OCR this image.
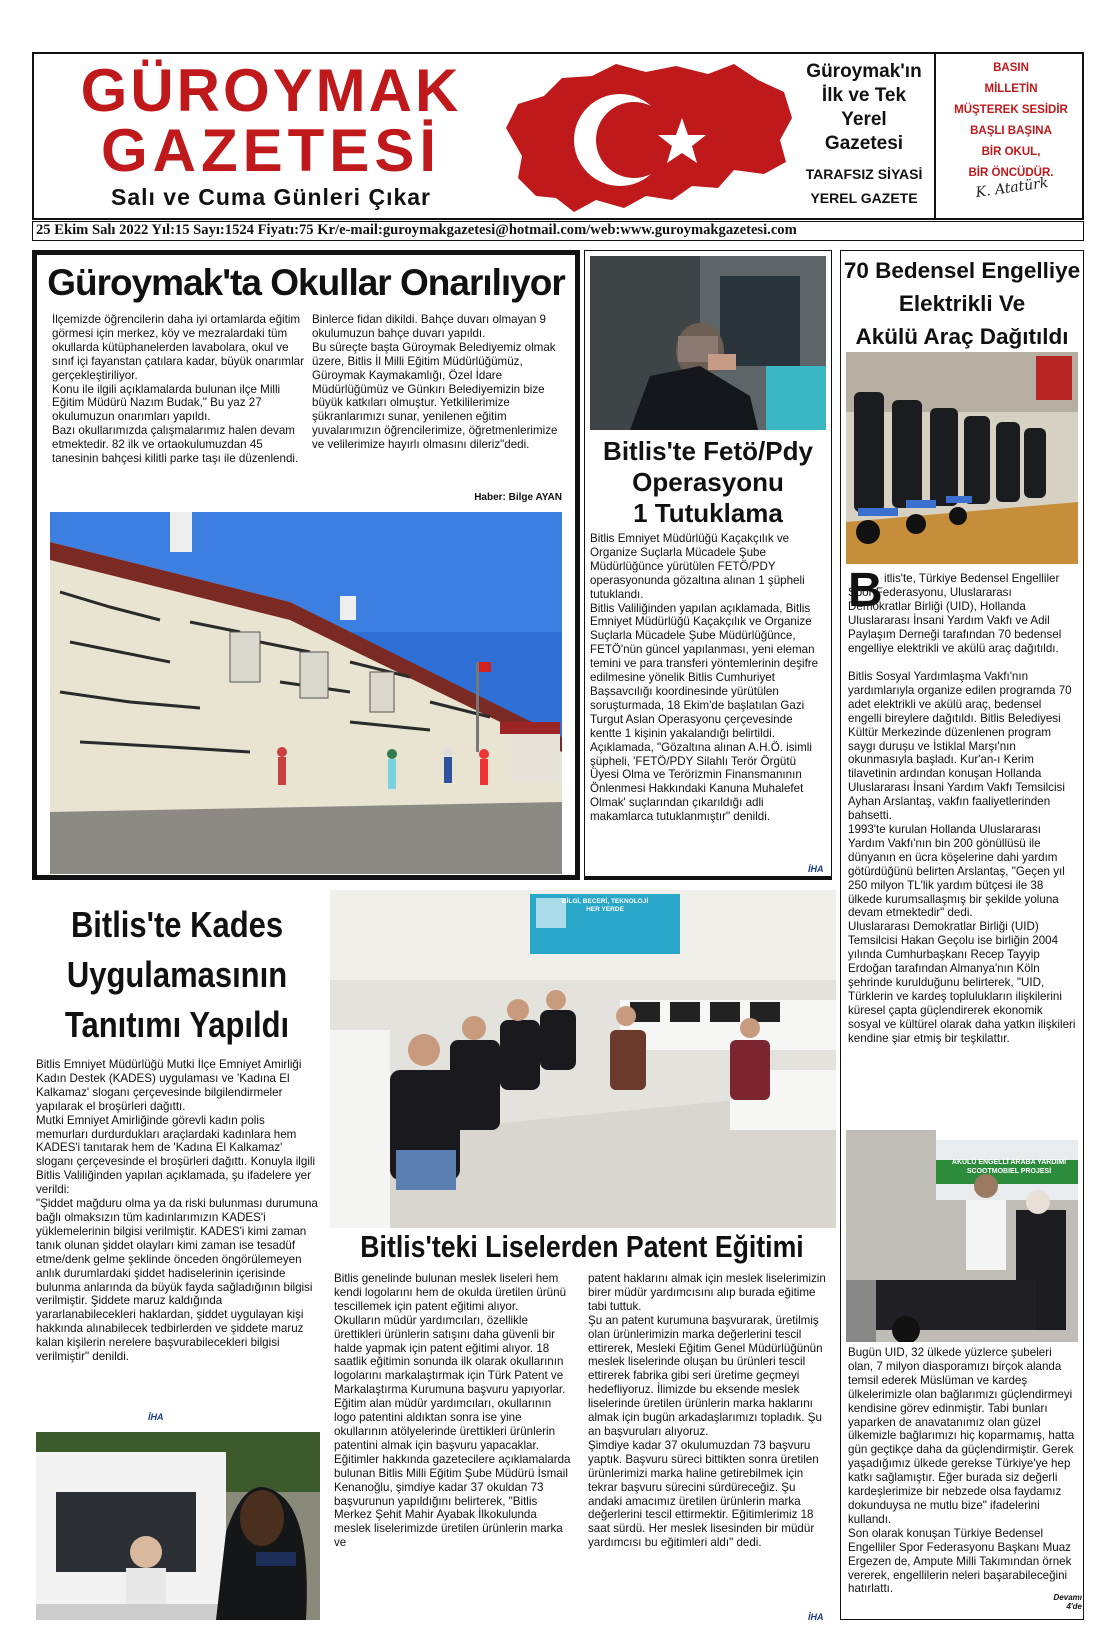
GÜROYMAK
GAZETESİ
Salı ve Cuma Günleri Çıkar
Güroymak'ın
İlk ve Tek
Yerel
Gazetesi
TARAFSIZ SİYASİ
YEREL GAZETE
BASIN
MİLLETİN
MÜŞTEREK SESİDİR
BAŞLI BAŞINA
BİR OKUL,
BİR ÖNCÜDÜR.
K. Atatürk
25 Ekim Salı 2022 Yıl:15 Sayı:1524 Fiyatı:75 Kr/e-mail:guroymakgazetesi@hotmail.com/web:www.guroymakgazetesi.com
Güroymak'ta Okullar Onarılıyor
İlçemizde öğrencilerin daha iyi ortamlarda eğitim görmesi için merkez, köy ve mezralardaki tüm okullarda kütüphanelerden lavabolara, okul ve sınıf içi fayanstan çatılara kadar, büyük onarımlar gerçekleştiriliyor.
Konu ile ilgili açıklamalarda bulunan ilçe Milli Eğitim Müdürü Nazım Budak," Bu yaz 27 okulumuzun onarımları yapıldı.
Bazı okullarımızda çalışmalarımız halen devam etmektedir. 82 ilk ve ortaokulumuzdan 45 tanesinin bahçesi kilitli parke taşı ile düzenlendi.
Binlerce fidan dikildi. Bahçe duvarı olmayan 9 okulumuzun bahçe duvarı yapıldı.
Bu süreçte başta Güroymak Belediyemiz olmak üzere, Bitlis İl Milli Eğitim Müdürlüğümüz, Güroymak Kaymakamlığı, Özel İdare Müdürlüğümüz ve Günkırı Belediyemizin bize büyük katkıları olmuştur. Yetkililerimize şükranlarımızı sunar, yenilenen eğitim yuvalarımızın öğrencilerimize, öğretmenlerimize ve velilerimize hayırlı olmasını dileriz"dedi.
Haber: Bilge AYAN
Bitlis'te Fetö/Pdy
Operasyonu
1 Tutuklama
Bitlis Emniyet Müdürlüğü Kaçakçılık ve Organize Suçlarla Mücadele Şube Müdürlüğünce yürütülen FETÖ/PDY operasyonunda gözaltına alınan 1 şüpheli tutuklandı.
Bitlis Valiliğinden yapılan açıklamada, Bitlis Emniyet Müdürlüğü Kaçakçılık ve Organize Suçlarla Mücadele Şube Müdürlüğünce, FETÖ'nün güncel yapılanması, yeni eleman temini ve para transferi yöntemlerinin deşifre edilmesine yönelik Bitlis Cumhuriyet Başsavcılığı koordinesinde yürütülen soruşturmada, 18 Ekim'de başlatılan Gazi Turgut Aslan Operasyonu çerçevesinde kentte 1 kişinin yakalandığı belirtildi. Açıklamada, "Gözaltına alınan A.H.Ö. isimli şüpheli, 'FETÖ/PDY Silahlı Terör Örgütü Üyesi Olma ve Terörizmin Finansmanının Önlenmesi Hakkındaki Kanuna Muhalefet Olmak' suçlarından çıkarıldığı adli makamlarca tutuklanmıştır" denildi.
İHA
70 Bedensel Engelliye
Elektrikli Ve
Akülü Araç Dağıtıldı
B itlis'te, Türkiye Bedensel Engelliler Spor Federasyonu, Uluslararası Demokratlar Birliği (UID), Hollanda Uluslararası İnsani Yardım Vakfı ve Adil Paylaşım Derneği tarafından 70 bedensel engelliye elektrikli ve akülü araç dağıtıldı.
Bitlis Sosyal Yardımlaşma Vakfı'nın yardımlarıyla organize edilen programda 70 adet elektrikli ve akülü araç, bedensel engelli bireylere dağıtıldı. Bitlis Belediyesi Kültür Merkezinde düzenlenen program saygı duruşu ve İstiklal Marşı'nın okunmasıyla başladı. Kur'an-ı Kerim tilavetinin ardından konuşan Hollanda Uluslararası İnsani Yardım Vakfı Temsilcisi Ayhan Arslantaş, vakfın faaliyetlerinden bahsetti.
1993'te kurulan Hollanda Uluslararası Yardım Vakfı'nın bin 200 gönüllüsü ile dünyanın en ücra köşelerine dahi yardım götürdüğünü belirten Arslantaş, "Geçen yıl 250 milyon TL'lik yardım bütçesi ile 38 ülkede kurumsallaşmış bir şekilde yoluna devam etmektedir" dedi.
Uluslararası Demokratlar Birliği (UID) Temsilcisi Hakan Geçolu ise birliğin 2004 yılında Cumhurbaşkanı Recep Tayyip Erdoğan tarafından Almanya'nın Köln şehrinde kurulduğunu belirterek, "UID, Türklerin ve kardeş toplulukların ilişkilerini küresel çapta güçlendirerek ekonomik sosyal ve kültürel olarak daha yatkın ilişkileri kendine şiar etmiş bir teşkilattır.
AKÜLÜ ENGELLİ ARABA YARDIMI
SCOOTMOBIEL PROJESİ
Bugün UID, 32 ülkede yüzlerce şubeleri olan, 7 milyon diasporamızı birçok alanda temsil ederek Müslüman ve kardeş ülkelerimizle olan bağlarımızı güçlendirmeyi kendisine görev edinmiştir. Tabi bunları yaparken de anavatanımız olan güzel ülkemizle bağlarımızı hiç koparmamış, hatta gün geçtikçe daha da güçlendirmiştir. Gerek yaşadığımız ülkede gerekse Türkiye'ye hep katkı sağlamıştır. Eğer burada siz değerli kardeşlerimize bir nebzede olsa faydamız dokunduysa ne mutlu bize" ifadelerini kullandı.
Son olarak konuşan Türkiye Bedensel Engelliler Spor Federasyonu Başkanı Muaz Ergezen de, Ampute Milli Takımından örnek vererek, engellilerin neleri başarabileceğini hatırlattı.
Devamı 4'de
Bitlis'te Kades
Uygulamasının
Tanıtımı Yapıldı
Bitlis Emniyet Müdürlüğü Mutki İlçe Emniyet Amirliği Kadın Destek (KADES) uygulaması ve 'Kadına El Kalkamaz' sloganı çerçevesinde bilgilendirmeler yapılarak el broşürleri dağıttı.
Mutki Emniyet Amirliğinde görevli kadın polis memurları durdurdukları araçlardaki kadınlara hem KADES'i tanıtarak hem de 'Kadına El Kalkamaz' sloganı çerçevesinde el broşürleri dağıttı. Konuyla ilgili Bitlis Valiliğinden yapılan açıklamada, şu ifadelere yer verildi:
"Şiddet mağduru olma ya da riski bulunması durumuna bağlı olmaksızın tüm kadınlarımızın KADES'i yüklemelerinin bilgisi verilmiştir. KADES'i kimi zaman tanık olunan şiddet olayları kimi zaman ise tesadüf etme/denk gelme şeklinde önceden öngörülemeyen anlık durumlardaki şiddet hadiselerinin içerisinde bulunma anlarında da büyük fayda sağladığının bilgisi verilmiştir. Şiddete maruz kaldığında yararlanabilecekleri haklardan, şiddet uygulayan kişi hakkında alınabilecek tedbirlerden ve şiddete maruz kalan kişilerin nerelere başvurabilecekleri bilgisi verilmiştir" denildi.
İHA
BİLGİ, BECERİ, TEKNOLOJİ
HER YERDE
Bitlis'teki Liselerden Patent Eğitimi
Bitlis genelinde bulunan meslek liseleri hem kendi logolarını hem de okulda üretilen ürünü tescillemek için patent eğitimi alıyor.
Okulların müdür yardımcıları, özellikle ürettikleri ürünlerin satışını daha güvenli bir halde yapmak için patent eğitimi alıyor. 18 saatlik eğitimin sonunda ilk olarak okullarının logolarını markalaştırmak için Türk Patent ve Markalaştırma Kurumuna başvuru yapıyorlar. Eğitim alan müdür yardımcıları, okullarının logo patentini aldıktan sonra ise yine okullarının atölyelerinde ürettikleri ürünlerin patentini almak için başvuru yapacaklar.
Eğitimler hakkında gazetecilere açıklamalarda bulunan Bitlis Milli Eğitim Şube Müdürü İsmail Kenanoğlu, şimdiye kadar 37 okuldan 73 başvurunun yapıldığını belirterek, "Bitlis Merkez Şehit Mahir Ayabak İlkokulunda meslek liselerimizde üretilen ürünlerin marka ve
patent haklarını almak için meslek liselerimizin birer müdür yardımcısını alıp burada eğitime tabi tuttuk.
Şu an patent kurumuna başvurarak, üretilmiş olan ürünlerimizin marka değerlerini tescil ettirerek, Mesleki Eğitim Genel Müdürlüğünün meslek liselerinde oluşan bu ürünleri tescil ettirerek fabrika gibi seri üretime geçmeyi hedefliyoruz. İlimizde bu eksende meslek liselerinde üretilen ürünlerin marka haklarını almak için bugün arkadaşlarımızı topladık. Şu an başvuruları alıyoruz.
Şimdiye kadar 37 okulumuzdan 73 başvuru yaptık. Başvuru süreci bittikten sonra üretilen ürünlerimizi marka haline getirebilmek için tekrar başvuru sürecini sürdüreceğiz. Şu andaki amacımız üretilen ürünlerin marka değerlerini tescil ettirmektir. Eğitimlerimiz 18 saat sürdü. Her meslek lisesinden bir müdür yardımcısı bu eğitimleri aldı" dedi.
İHA
